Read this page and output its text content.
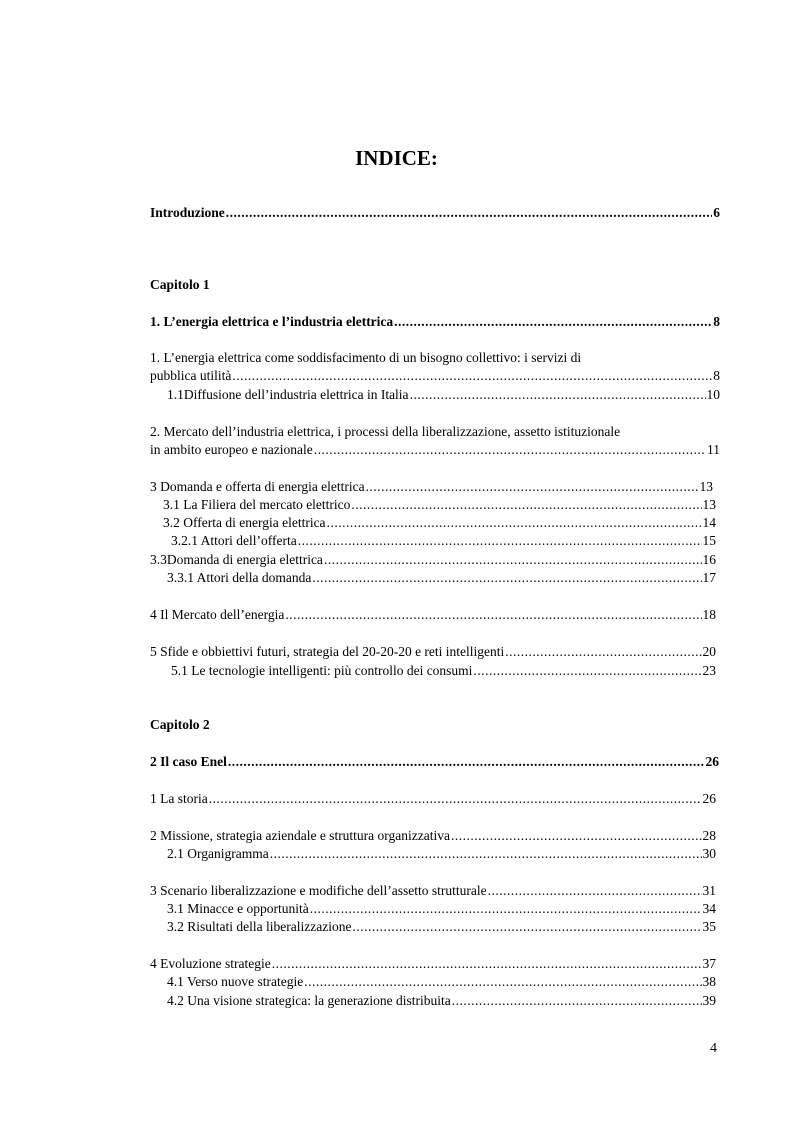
INDICE:
Introduzione .....	6
Capitolo 1
1. L’energia elettrica e l’industria elettrica .....	8
1. L’energia elettrica come soddisfacimento di un bisogno collettivo: i servizi di
pubblica utilità .....	8
1.1Diffusione dell’industria elettrica in Italia .....	10
2. Mercato dell’industria elettrica, i processi della liberalizzazione, assetto istituzionale
in ambito europeo e nazionale .....	11
3 Domanda e offerta di energia elettrica .....	13
3.1 La Filiera del mercato elettrico .....	13
3.2 Offerta di energia elettrica .....	14
3.2.1 Attori dell’offerta .....	15
3.3Domanda di energia elettrica .....	16
3.3.1 Attori della domanda .....	17
4 Il Mercato dell’energia .....	18
5 Sfide e obbiettivi futuri, strategia del 20-20-20 e reti intelligenti .....	20
5.1 Le tecnologie intelligenti: più controllo dei consumi .....	23
Capitolo 2
2 Il caso Enel .....	26
1 La storia .....	26
2 Missione, strategia aziendale e struttura organizzativa .....	28
2.1 Organigramma .....	30
3 Scenario liberalizzazione e modifiche dell’assetto strutturale .....	31
3.1 Minacce e opportunità .....	34
3.2 Risultati della liberalizzazione .....	35
4 Evoluzione strategie .....	37
4.1 Verso nuove strategie .....	38
4.2 Una visione strategica: la generazione distribuita .....	39
4
